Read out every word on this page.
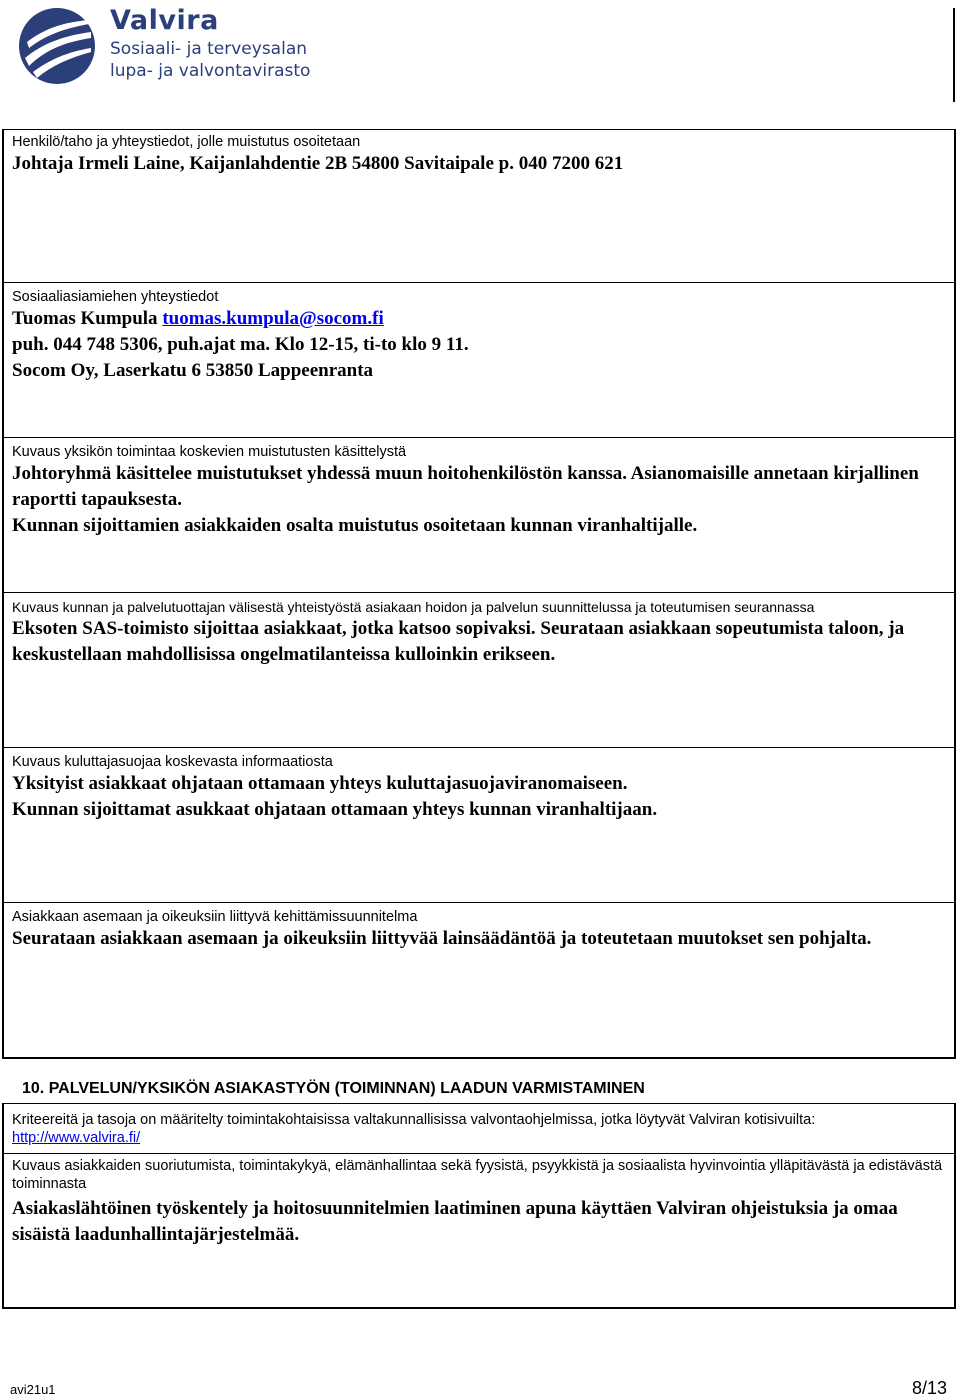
Valvira
Sosiaali- ja terveysalan
lupa- ja valvontavirasto

Henkilö/taho ja yhteystiedot, jolle muistutus osoitetaan

Johtaja Irmeli Laine, Kaijanlahdentie 2B 54800 Savitaipale p. 040 7200 621

Sosiaaliasiamiehen yhteystiedot

Tuomas Kumpula tuomas.kumpula@socom.fi

puh. 044 748 5306, puh.ajat ma. Klo 12-15, ti-to klo 9 11.

Socom Oy, Laserkatu 6 53850 Lappeenranta

Kuvaus yksikön toimintaa koskevien muistutusten käsittelystä

Johtoryhmä käsittelee muistutukset yhdessä muun hoitohenkilöstön kanssa. Asianomaisille annetaan kirjallinen raportti tapauksesta.

Kunnan sijoittamien asiakkaiden osalta muistutus osoitetaan kunnan viranhaltijalle.

Kuvaus kunnan ja palvelutuottajan välisestä yhteistyöstä asiakaan hoidon ja palvelun suunnittelussa ja toteutumisen seurannassa

Eksoten SAS-toimisto sijoittaa asiakkaat, jotka katsoo sopivaksi. Seurataan asiakkaan sopeutumista taloon, ja keskustellaan mahdollisissa ongelmatilanteissa kulloinkin erikseen.

Kuvaus kuluttajasuojaa koskevasta informaatiosta

Yksityist asiakkaat ohjataan ottamaan yhteys kuluttajasuojaviranomaiseen.

Kunnan sijoittamat asukkaat ohjataan ottamaan yhteys kunnan viranhaltijaan.

Asiakkaan asemaan ja oikeuksiin liittyvä kehittämissuunnitelma

Seurataan asiakkaan asemaan ja oikeuksiin liittyvää lainsäädäntöä ja toteutetaan muutokset sen pohjalta.

10. PALVELUN/YKSIKÖN ASIAKASTYÖN (TOIMINNAN) LAADUN VARMISTAMINEN

Kriteereitä ja tasoja on määritelty toimintakohtaisissa valtakunnallisissa valvontaohjelmissa, jotka löytyvät Valviran kotisivuilta:

http://www.valvira.fi/

Kuvaus asiakkaiden suoriutumista, toimintakykyä, elämänhallintaa sekä fyysistä, psyykkistä ja sosiaalista hyvinvointia ylläpitävästä ja edistävästä toiminnasta

Asiakaslähtöinen työskentely ja hoitosuunnitelmien laatiminen apuna käyttäen Valviran ohjeistuksia ja omaa sisäistä laadunhallintajärjestelmää.

avi21u1	8/13
